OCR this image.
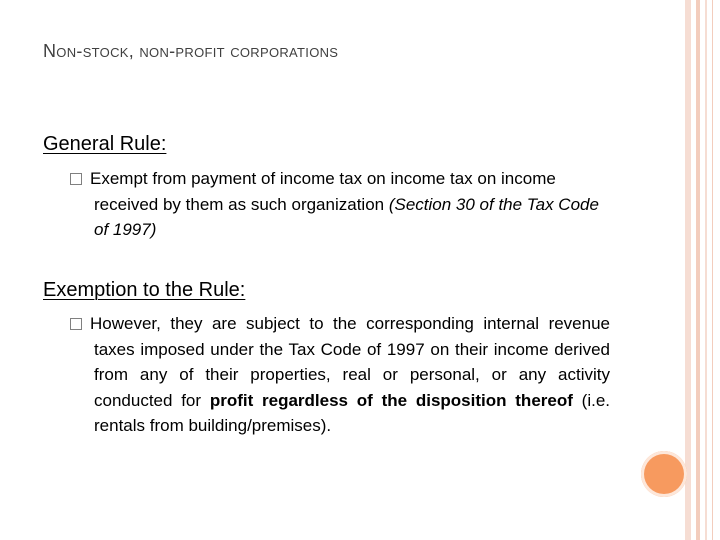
Non-stock, non-profit corporations
General Rule:
Exempt from payment of income tax on income tax on income received by them as such organization (Section 30 of the Tax Code of 1997)
Exemption to the Rule:
However, they are subject to the corresponding internal revenue taxes imposed under the Tax Code of 1997 on their income derived from any of their properties, real or personal, or any activity conducted for profit regardless of the disposition thereof (i.e. rentals from building/premises).
